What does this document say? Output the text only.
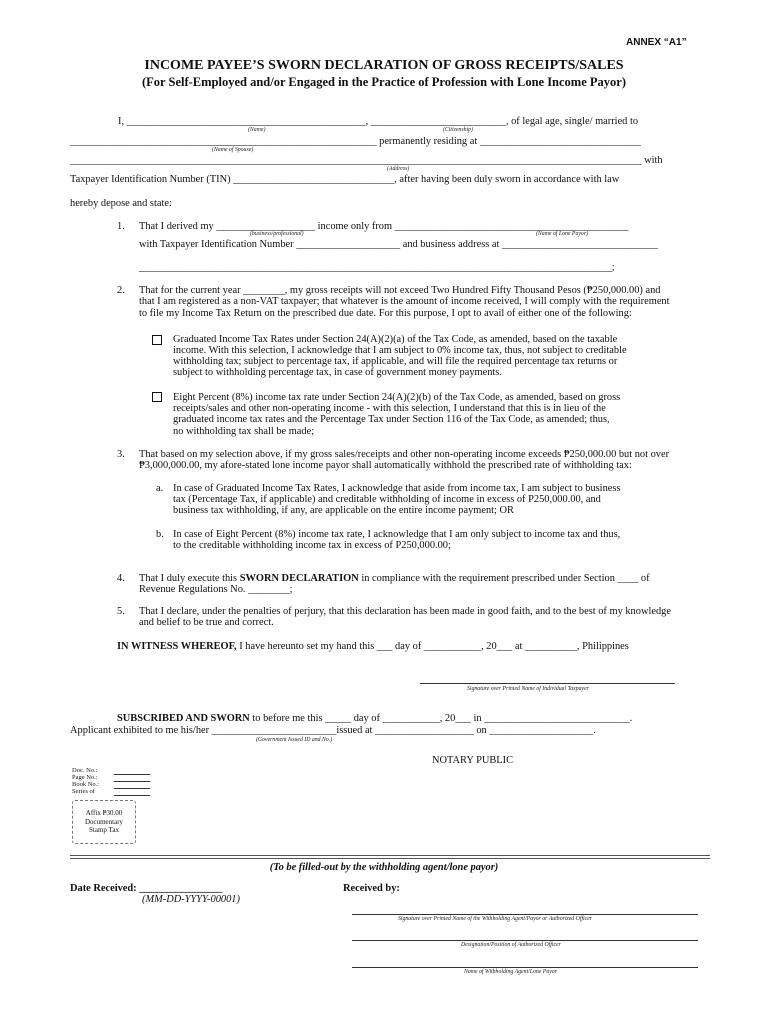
ANNEX “A1”
INCOME PAYEE’S SWORN DECLARATION OF GROSS RECEIPTS/SALES
(For Self-Employed and/or Engaged in the Practice of Profession with Lone Income Payor)
I, ______________________________________________, __________________________, of legal age, single/ married to
(Name)	(Citizenship)
___________________________________________________________ permanently residing at _______________________________
(Name of Spouse)
______________________________________________________________________________________________________________ with
(Address)
Taxpayer Identification Number (TIN) _______________________________, after having been duly sworn in accordance with law
hereby depose and state:
1. That I derived my ___________________ income only from _____________________________________________
(business/professional)	(Name of Lone Payor)
with Taxpayer Identification Number ____________________ and business address at ______________________________
___________________________________________________________________________________________;
2. That for the current year ________, my gross receipts will not exceed Two Hundred Fifty Thousand Pesos (₱250,000.00) and
that I am registered as a non-VAT taxpayer; that whatever is the amount of income received, I will comply with the requirement
to file my Income Tax Return on the prescribed due date. For this purpose, I opt to avail of either one of the following:
Graduated Income Tax Rates under Section 24(A)(2)(a) of the Tax Code, as amended, based on the taxable
income. With this selection, I acknowledge that I am subject to 0% income tax, thus, not subject to creditable
withholding tax; subject to percentage tax, if applicable, and will file the required percentage tax returns or
subject to withholding percentage tax, in case of government money payments.
Eight Percent (8%) income tax rate under Section 24(A)(2)(b) of the Tax Code, as amended, based on gross
receipts/sales and other non-operating income - with this selection, I understand that this is in lieu of the
graduated income tax rates and the Percentage Tax under Section 116 of the Tax Code, as amended; thus,
no withholding tax shall be made;
3. That based on my selection above, if my gross sales/receipts and other non-operating income exceeds ₱250,000.00 but not over
₱3,000,000.00, my afore-stated lone income payor shall automatically withhold the prescribed rate of withholding tax:
a. In case of Graduated Income Tax Rates, I acknowledge that aside from income tax, I am subject to business
tax (Percentage Tax, if applicable) and creditable withholding of income in excess of P250,000.00, and
business tax withholding, if any, are applicable on the entire income payment; OR
b. In case of Eight Percent (8%) income tax rate, I acknowledge that I am only subject to income tax and thus,
to the creditable withholding income tax in excess of P250,000.00;
4. That I duly execute this SWORN DECLARATION in compliance with the requirement prescribed under Section ____ of
Revenue Regulations No. ________;
5. That I declare, under the penalties of perjury, that this declaration has been made in good faith, and to the best of my knowledge
and belief to be true and correct.
IN WITNESS WHEREOF, I have hereunto set my hand this ___ day of ___________, 20___ at __________, Philippines
Signature over Printed Name of Individual Taxpayer
SUBSCRIBED AND SWORN to before me this _____ day of ___________, 20___ in ____________________________.
Applicant exhibited to me his/her ________________________issued at ___________________ on ____________________.
(Government Issued ID and No.)
NOTARY PUBLIC
Doc. No.:
Page No.:
Book No.:
Series of
Affix ₱30.00
Documentary
Stamp Tax
(To be filled-out by the withholding agent/lone payor)
Date Received: ________________
(MM-DD-YYYY-00001)
Received by:
Signature over Printed Name of the Withholding Agent/Payor or Authorized Officer
Designation/Position of Authorized Officer
Name of Withholding Agent/Lone Payor
